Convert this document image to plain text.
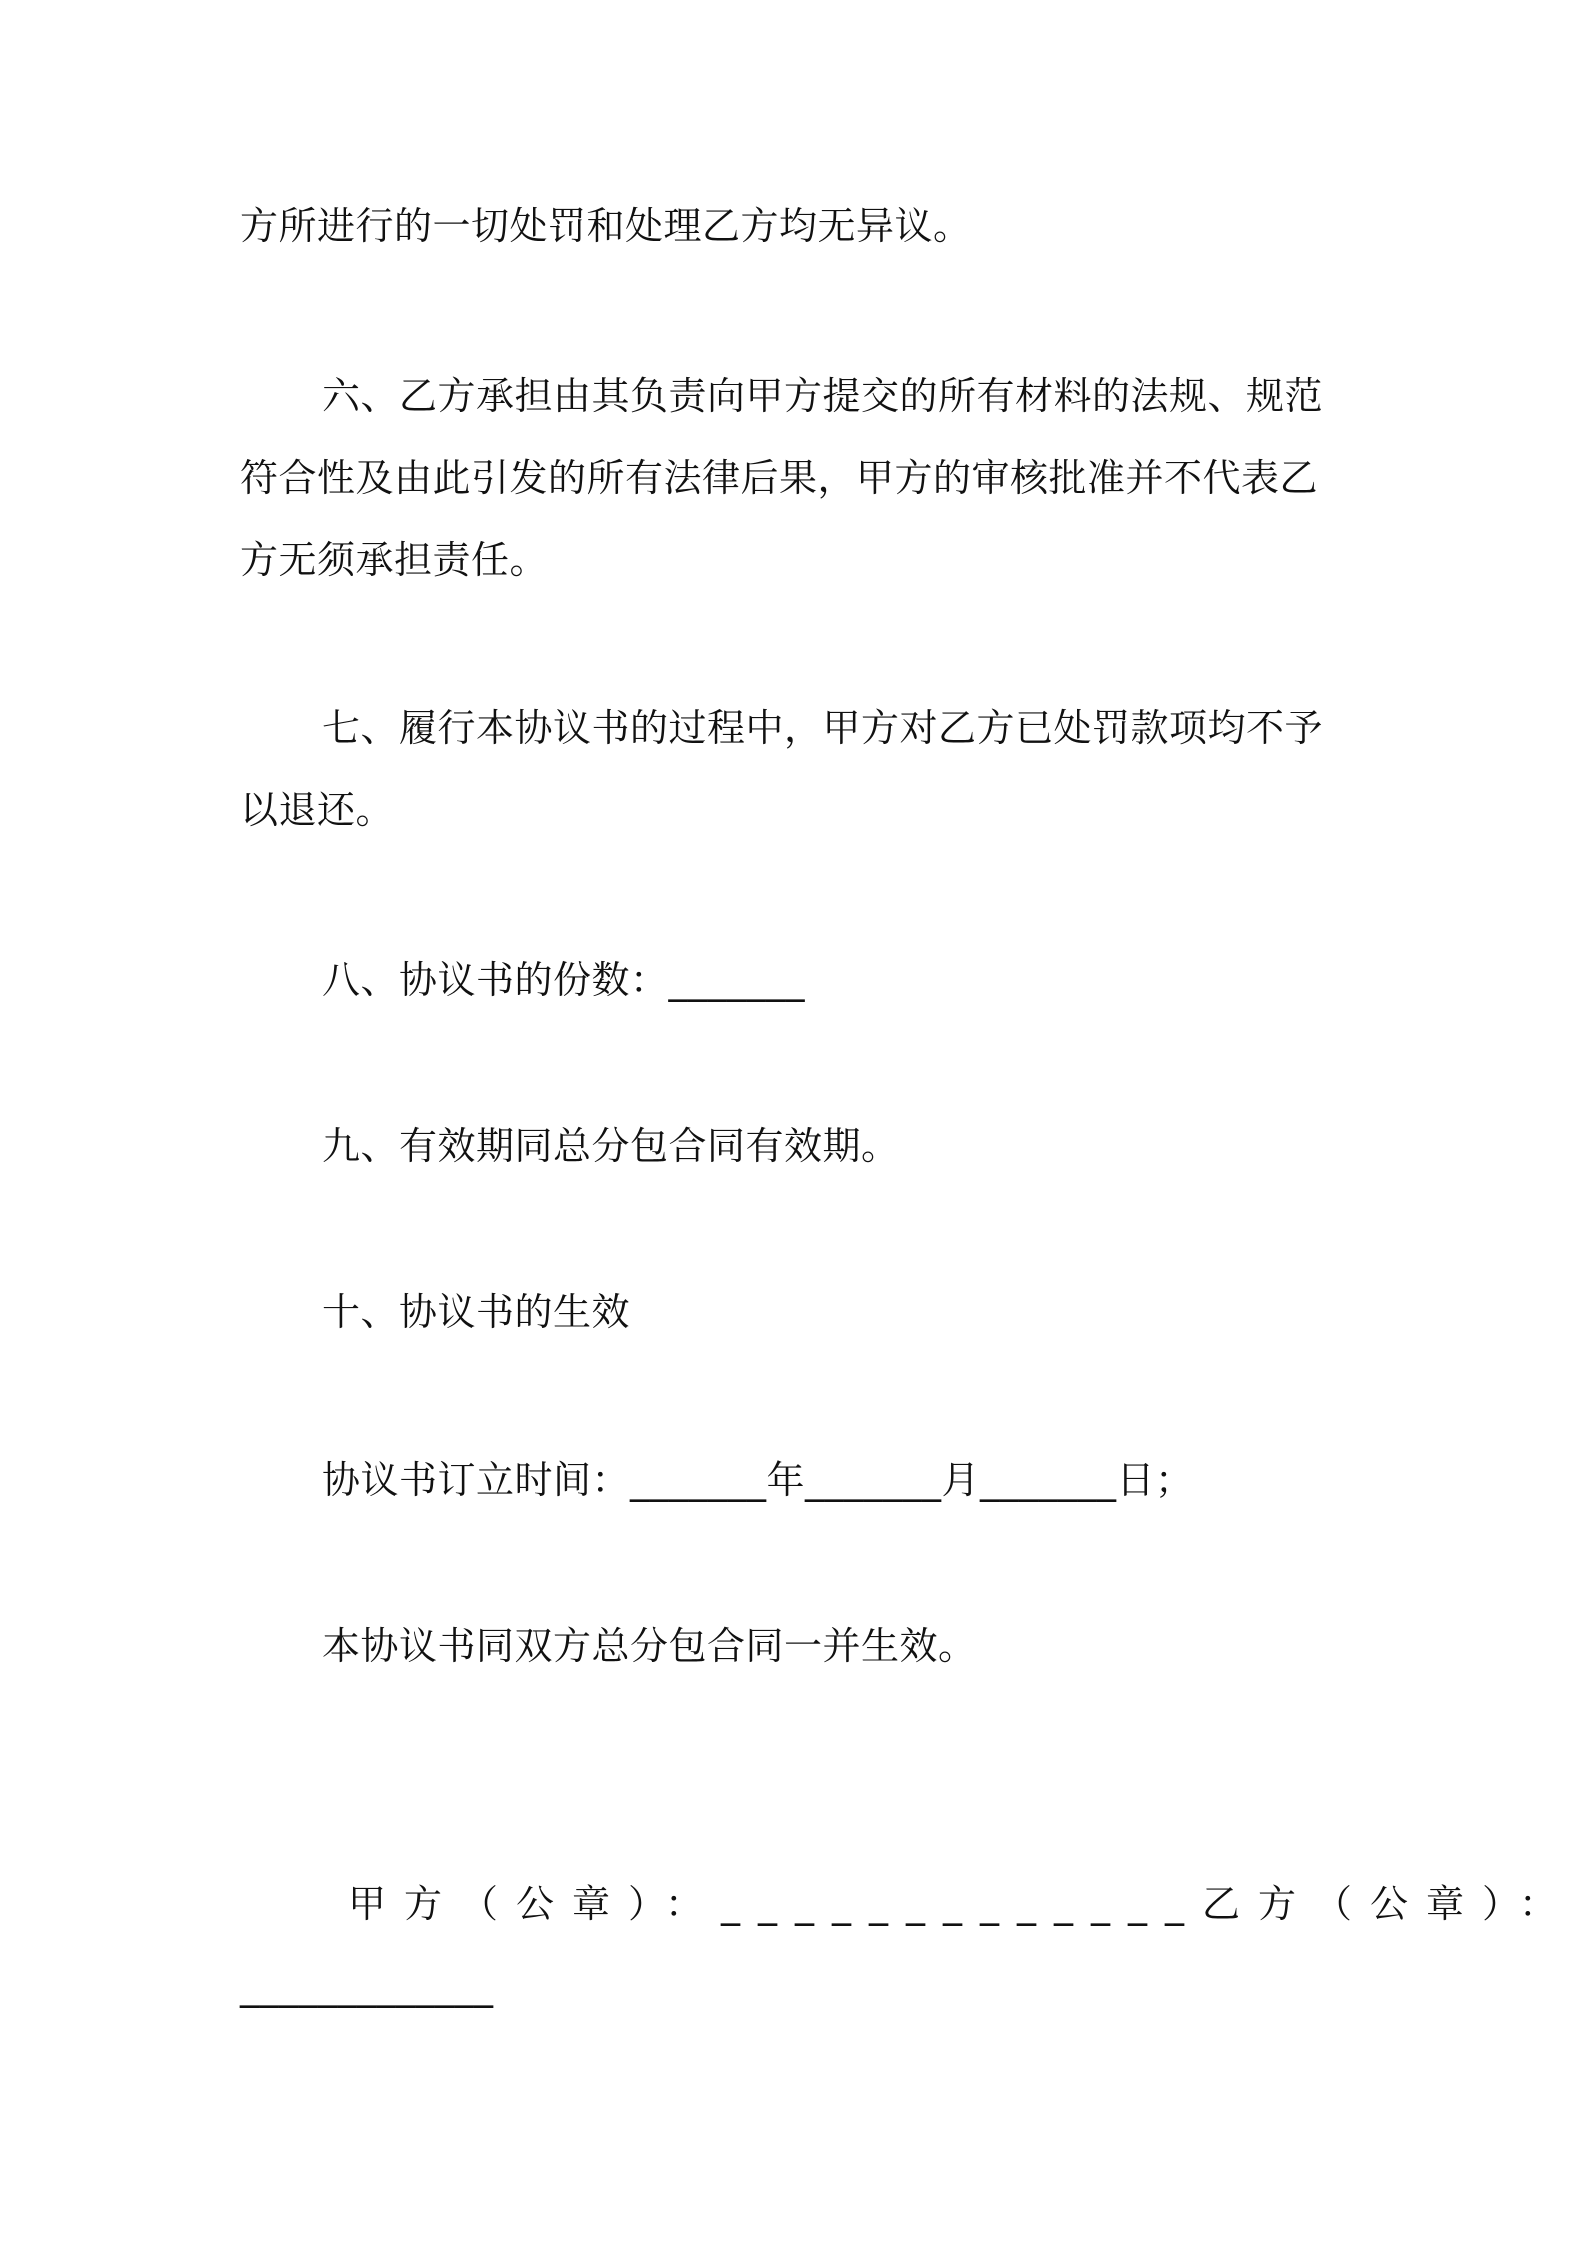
方所进行的一切处罚和处理乙方均无异议。
六、乙方承担由其负责向甲方提交的所有材料的法规、规范
符合性及由此引发的所有法律后果，甲方的审核批准并不代表乙
方无须承担责任。
七、履行本协议书的过程中，甲方对乙方已处罚款项均不予
以退还。
八、协议书的份数：_______
九、有效期同总分包合同有效期。
十、协议书的生效
协议书订立时间：_______年_______月_______日；
本协议书同双方总分包合同一并生效。
甲方（公章）：_____________乙方（公章）：
_____________
